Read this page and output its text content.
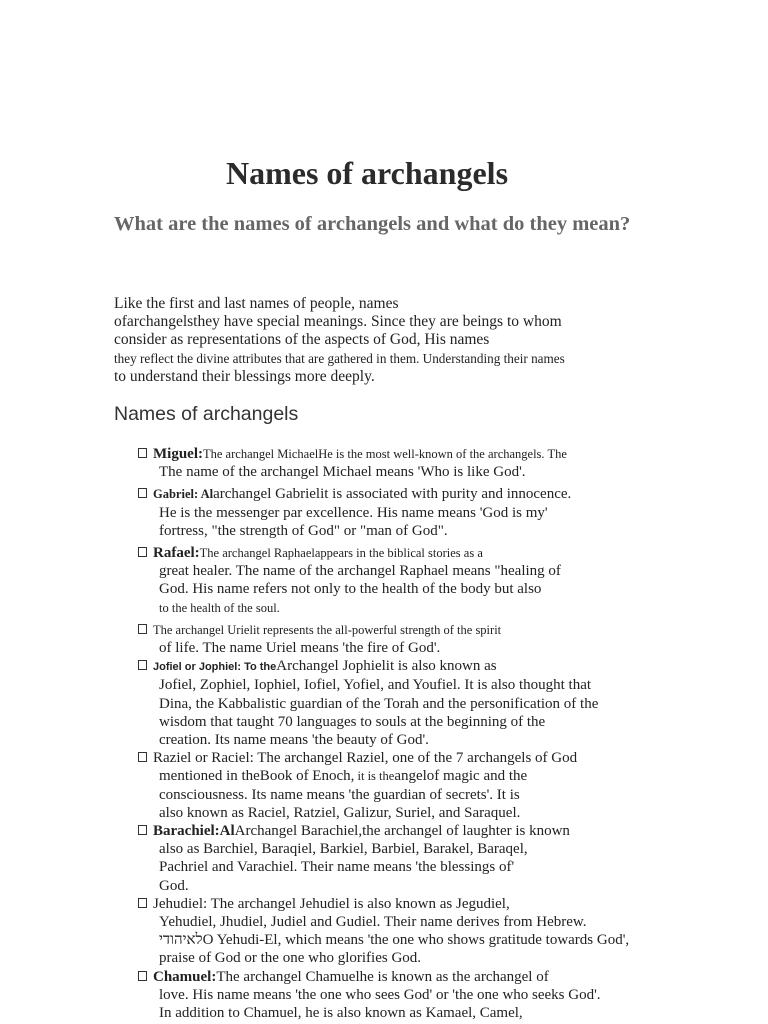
Names of archangels
What are the names of archangels and what do they mean?
Like the first and last names of people, names
ofarchangelsthey have special meanings. Since they are beings to whom
consider as representations of the aspects of God, His names
they reflect the divine attributes that are gathered in them. Understanding their names
to understand their blessings more deeply.
Names of archangels
Miguel:The archangel MichaelHe is the most well-known of the archangels. The
The name of the archangel Michael means 'Who is like God'.
Gabriel: Alarchangel Gabrielit is associated with purity and innocence.
He is the messenger par excellence. His name means 'God is my'
fortress, "the strength of God" or "man of God".
Rafael:The archangel Raphaelappears in the biblical stories as a
great healer. The name of the archangel Raphael means "healing of
God. His name refers not only to the health of the body but also
to the health of the soul.
The archangel Urielit represents the all-powerful strength of the spirit
of life. The name Uriel means 'the fire of God'.
Jofiel or Jophiel: To theArchangel Jophielit is also known as
Jofiel, Zophiel, Iophiel, Iofiel, Yofiel, and Youfiel. It is also thought that
Dina, the Kabbalistic guardian of the Torah and the personification of the
wisdom that taught 70 languages to souls at the beginning of the
creation. Its name means 'the beauty of God'.
Raziel or Raciel: The archangel Raziel, one of the 7 archangels of God
mentioned in theBook of Enoch, it is theangelof magic and the
consciousness. Its name means 'the guardian of secrets'. It is
also known as Raciel, Ratziel, Galizur, Suriel, and Saraquel.
Barachiel:AlArchangel Barachiel,the archangel of laughter is known
also as Barchiel, Baraqiel, Barkiel, Barbiel, Barakel, Baraqel,
Pachriel and Varachiel. Their name means 'the blessings of'
God.
Jehudiel: The archangel Jehudiel is also known as Jegudiel,
Yehudiel, Jhudiel, Judiel and Gudiel. Their name derives from Hebrew.
לאיהודיO Yehudi-El, which means 'the one who shows gratitude towards God',
praise of God or the one who glorifies God.
Chamuel:The archangel Chamuelhe is known as the archangel of
love. His name means 'the one who sees God' or 'the one who seeks God'.
In addition to Chamuel, he is also known as Kamael, Camel,
